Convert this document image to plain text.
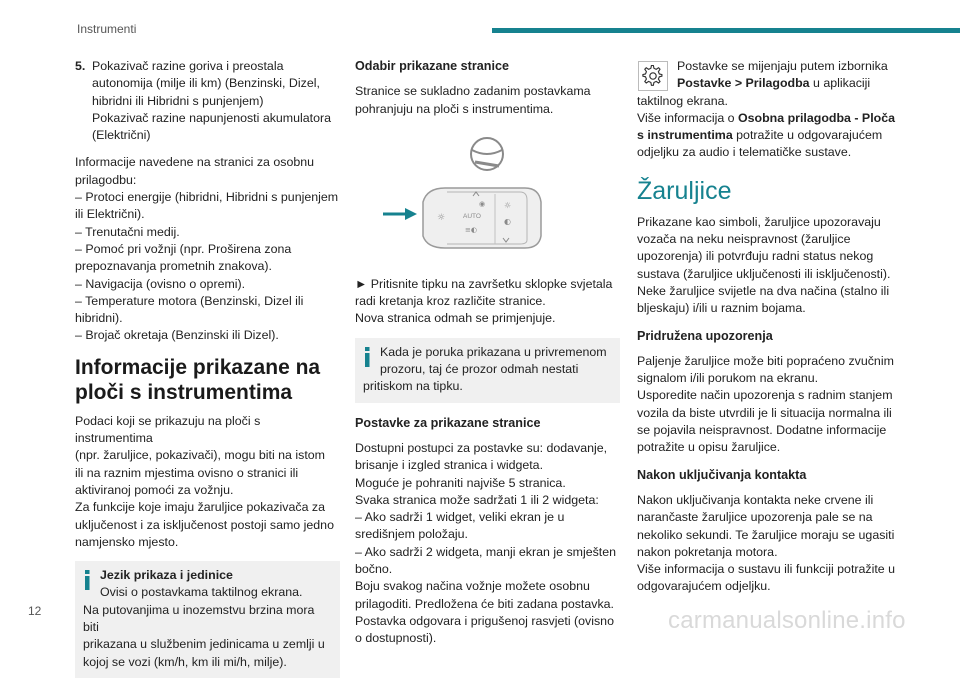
Instrumenti
12	carmanualsonline.info
5. Pokazivač razine goriva i preostala
autonomija (milje ili km) (Benzinski, Dizel,
hibridni ili Hibridni s punjenjem)
Pokazivač razine napunjenosti akumulatora
(Električni)

Informacije navedene na stranici za osobnu
prilagodbu:
– Protoci energije (hibridni, Hibridni s punjenjem
ili Električni).
– Trenutačni medij.
– Pomoć pri vožnji (npr. Proširena zona
prepoznavanja prometnih znakova).
– Navigacija (ovisno o opremi).
– Temperature motora (Benzinski, Dizel ili
hibridni).
– Brojač okretaja (Benzinski ili Dizel).

Informacije prikazane na
ploči s instrumentima

Podaci koji se prikazuju na ploči s instrumentima
(npr. žaruljice, pokazivači), mogu biti na istom
ili na raznim mjestima ovisno o stranici ili
aktiviranoj pomoći za vožnju.
Za funkcije koje imaju žaruljice pokazivača za
uključenost i za isključenost postoji samo jedno
namjensko mjesto.

Jezik prikaza i jedinice
Ovisi o postavkama taktilnog ekrana.
Na putovanjima u inozemstvu brzina mora biti
prikazana u službenim jedinicama u zemlji u
kojoj se vozi (km/h, km ili mi/h, milje).
Odabir prikazane stranice

Stranice se sukladno zadanim postavkama
pohranjuju na ploči s instrumentima.

AUTO
☼
☼
◐
≡◐
◉

► Pritisnite tipku na završetku sklopke svjetala
radi kretanja kroz različite stranice.
Nova stranica odmah se primjenjuje.

Kada je poruka prikazana u privremenom
prozoru, taj će prozor odmah nestati
pritiskom na tipku.
Postavke za prikazane stranice

Dostupni postupci za postavke su: dodavanje,
brisanje i izgled stranica i widgeta.
Moguće je pohraniti najviše 5 stranica.
Svaka stranica može sadržati 1 ili 2 widgeta:
– Ako sadrži 1 widget, veliki ekran je u
središnjem položaju.
– Ako sadrži 2 widgeta, manji ekran je smješten
bočno.
Boju svakog načina vožnje možete osobnu
prilagoditi. Predložena će biti zadana postavka.
Postavka odgovara i prigušenoj rasvjeti (ovisno
o dostupnosti).

Postavke se mijenjaju putem izbornika
Postavke > Prilagodba u aplikaciji
taktilnog ekrana.
Više informacija o Osobna prilagodba - Ploča
s instrumentima potražite u odgovarajućem
odjeljku za audio i telematičke sustave.
Žaruljice

Prikazane kao simboli, žaruljice upozoravaju
vozača na neku neispravnost (žaruljice
upozorenja) ili potvrđuju radni status nekog
sustava (žaruljice uključenosti ili isključenosti).
Neke žaruljice svijetle na dva načina (stalno ili
bljeskaju) i/ili u raznim bojama.

Pridružena upozorenja

Paljenje žaruljice može biti popraćeno zvučnim
signalom i/ili porukom na ekranu.
Usporedite način upozorenja s radnim stanjem
vozila da biste utvrdili je li situacija normalna ili
se pojavila neispravnost. Dodatne informacije
potražite u opisu žaruljice.

Nakon uključivanja kontakta

Nakon uključivanja kontakta neke crvene ili
narančaste žaruljice upozorenja pale se na
nekoliko sekundi. Te žaruljice moraju se ugasiti
nakon pokretanja motora.
Više informacija o sustavu ili funkciji potražite u
odgovarajućem odjeljku.
